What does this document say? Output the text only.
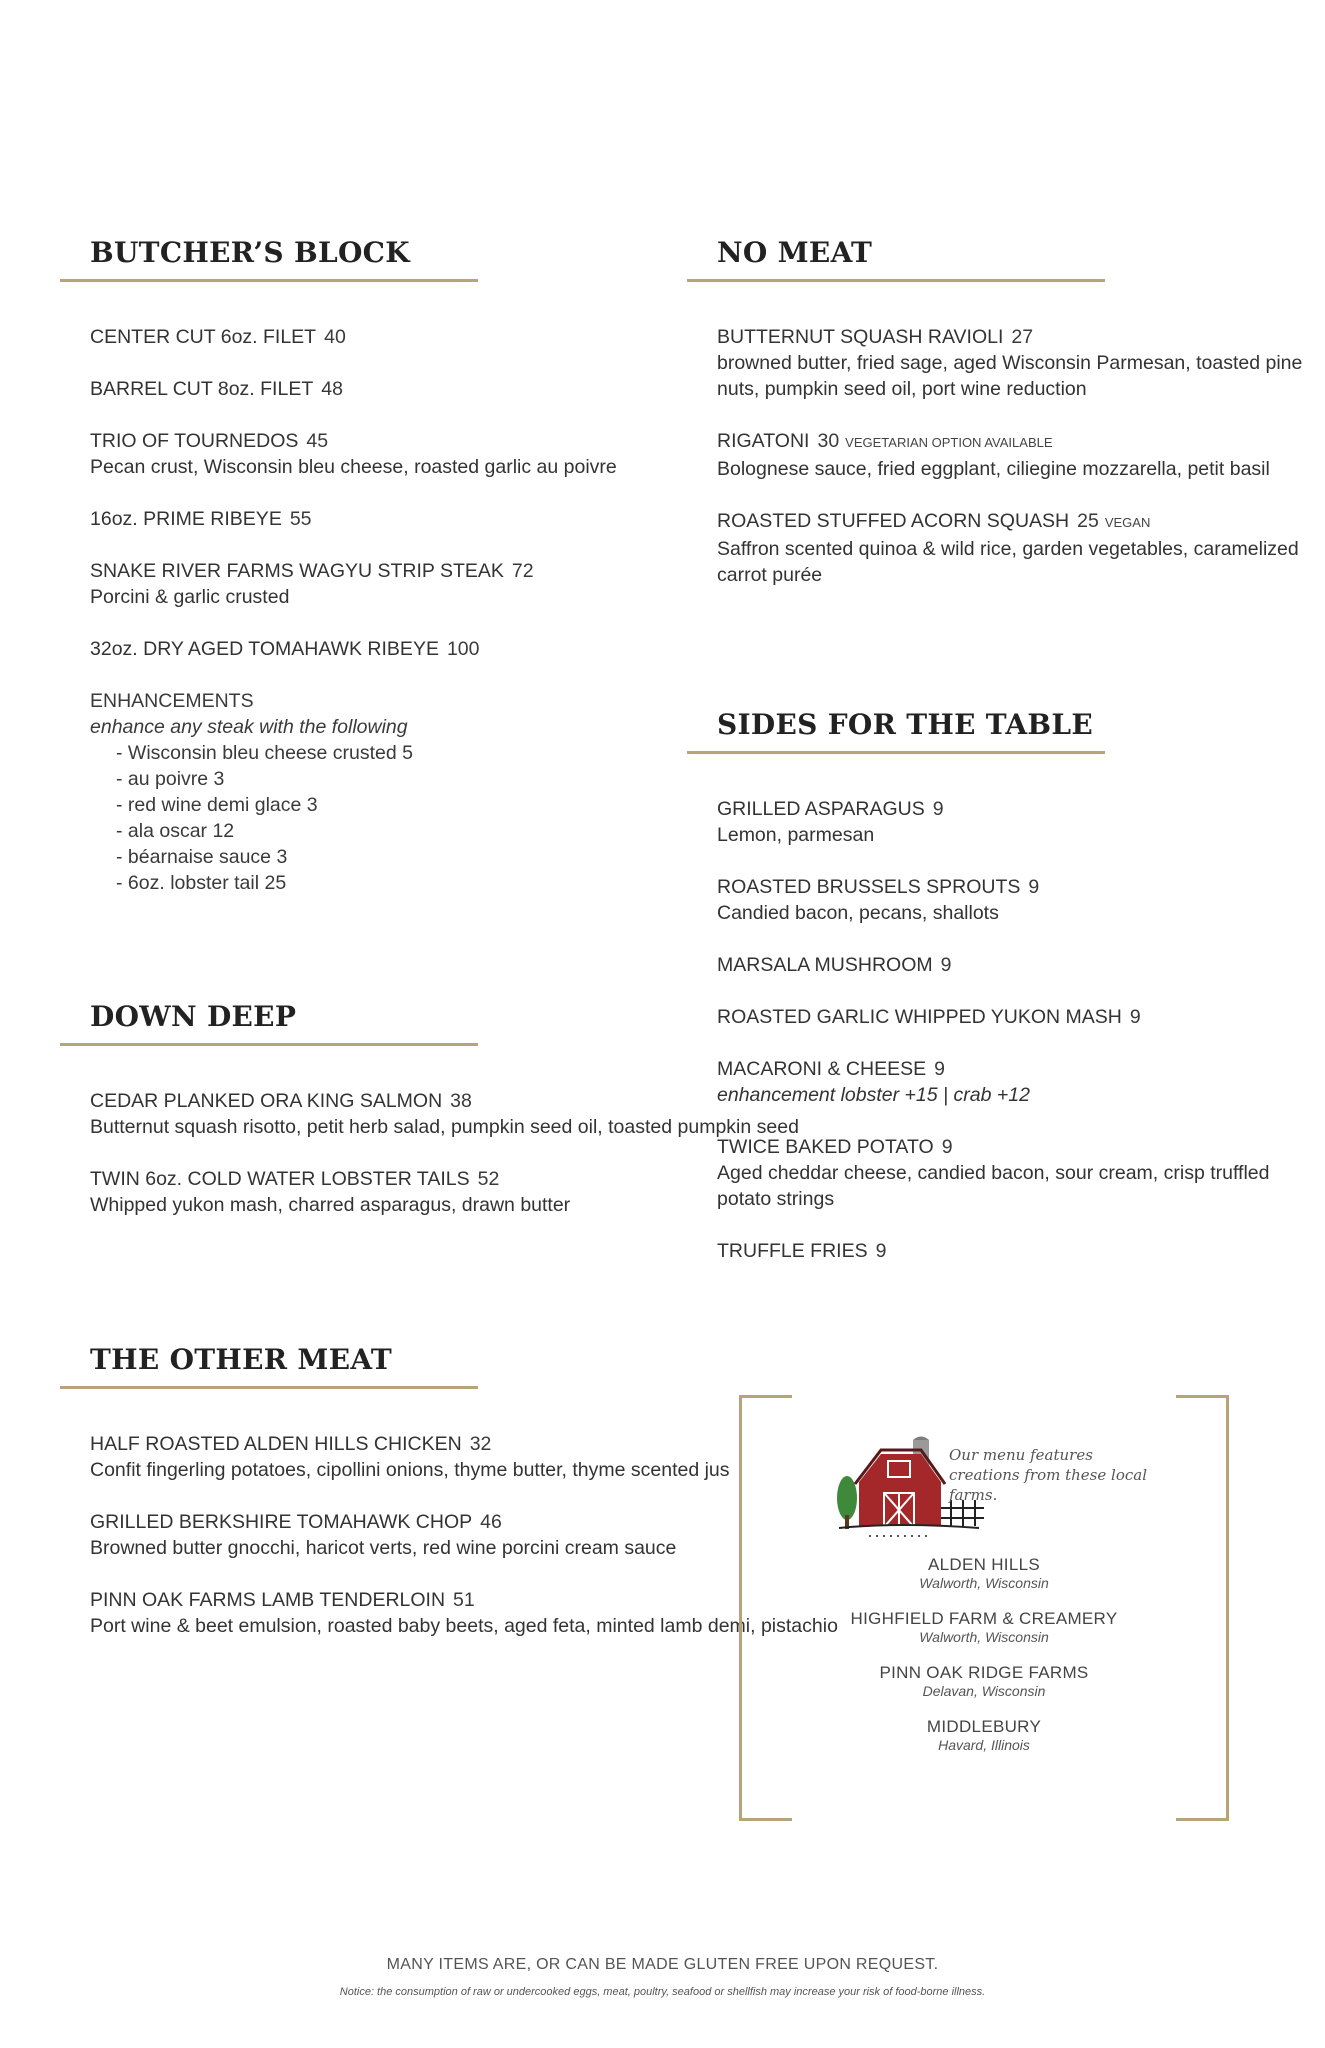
BUTCHER’S BLOCK
CENTER CUT 6oz. FILET 40
BARREL CUT 8oz. FILET 48
TRIO OF TOURNEDOS 45
Pecan crust, Wisconsin bleu cheese, roasted garlic au poivre
16oz. PRIME RIBEYE 55
SNAKE RIVER FARMS WAGYU STRIP STEAK 72
Porcini & garlic crusted
32oz. DRY AGED TOMAHAWK RIBEYE 100
ENHANCEMENTS
enhance any steak with the following
- Wisconsin bleu cheese crusted 5
- au poivre 3
- red wine demi glace 3
- ala oscar 12
- béarnaise sauce 3
- 6oz. lobster tail 25
DOWN DEEP
CEDAR PLANKED ORA KING SALMON 38
Butternut squash risotto, petit herb salad, pumpkin seed oil, toasted pumpkin seed
TWIN 6oz. COLD WATER LOBSTER TAILS 52
Whipped yukon mash, charred asparagus, drawn butter
THE OTHER MEAT
HALF ROASTED ALDEN HILLS CHICKEN 32
Confit fingerling potatoes, cipollini onions, thyme butter, thyme scented jus
GRILLED BERKSHIRE TOMAHAWK CHOP 46
Browned butter gnocchi, haricot verts, red wine porcini cream sauce
PINN OAK FARMS LAMB TENDERLOIN 51
Port wine & beet emulsion, roasted baby beets, aged feta, minted lamb demi, pistachio
NO MEAT
BUTTERNUT SQUASH RAVIOLI 27
browned butter, fried sage, aged Wisconsin Parmesan, toasted pine nuts, pumpkin seed oil, port wine reduction
RIGATONI 30 VEGETARIAN OPTION AVAILABLE
Bolognese sauce, fried eggplant, ciliegine mozzarella, petit basil
ROASTED STUFFED ACORN SQUASH 25 VEGAN
Saffron scented quinoa & wild rice, garden vegetables, caramelized carrot purée
SIDES FOR THE TABLE
GRILLED ASPARAGUS 9
Lemon, parmesan
ROASTED BRUSSELS SPROUTS 9
Candied bacon, pecans, shallots
MARSALA MUSHROOM 9
ROASTED GARLIC WHIPPED YUKON MASH 9
MACARONI & CHEESE 9
enhancement lobster +15 | crab +12
TWICE BAKED POTATO 9
Aged cheddar cheese, candied bacon, sour cream, crisp truffled potato strings
TRUFFLE FRIES 9
Our menu features creations from these local farms.
ALDEN HILLS
Walworth, Wisconsin
HIGHFIELD FARM & CREAMERY
Walworth, Wisconsin
PINN OAK RIDGE FARMS
Delavan, Wisconsin
MIDDLEBURY
Havard, Illinois
MANY ITEMS ARE, OR CAN BE MADE GLUTEN FREE UPON REQUEST.
Notice: the consumption of raw or undercooked eggs, meat, poultry, seafood or shellfish may increase your risk of food-borne illness.
